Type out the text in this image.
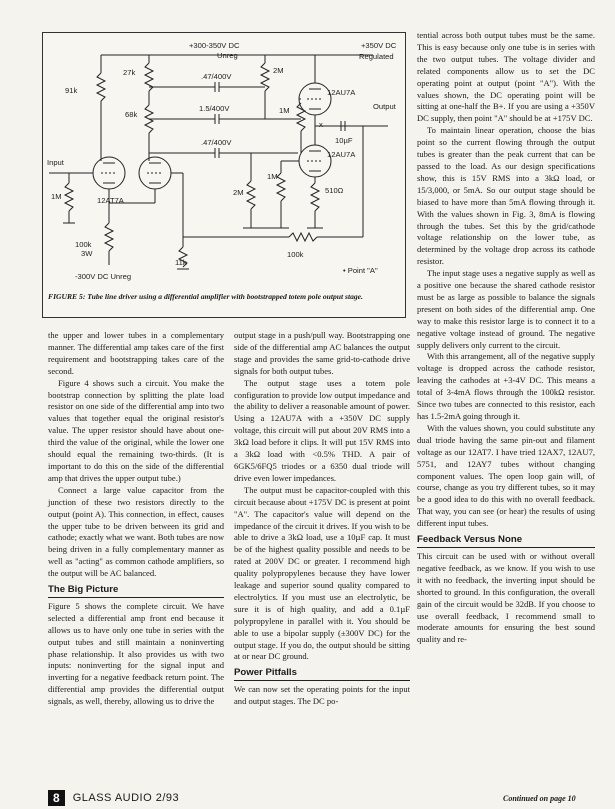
+300-350V DC
Unreg
+350V DC
Regulated
27k
91k
68k
.47/400V
1.5/400V
.47/400V
2M
1M
12AU7A
Output
10µF
x
12AU7A
1M
2M	510Ω
Input
1M	12AT7A
100k
3W
-300V DC Unreg
11k
100k
• Point "A"
FIGURE 5: Tube line driver using a differential amplifier with bootstrapped totem pole output stage.

the upper and lower tubes in a complementary manner. The differential amp takes care of the first requirement and bootstrapping takes care of the second.

Figure 4 shows such a circuit. You make the bootstrap connection by splitting the plate load resistor on one side of the differential amp into two values that together equal the original resistor's value. The upper resistor should have about one-third the value of the original, while the lower one should equal the remaining two-thirds. (It is important to do this on the side of the differential amp that drives the upper output tube.)

Connect a large value capacitor from the junction of these two resistors directly to the output (point A). This connection, in effect, causes the upper tube to be driven between its grid and cathode; exactly what we want. Both tubes are now being driven in a fully complementary manner as well as "acting" as common cathode amplifiers, so the output will be AC balanced.

The Big Picture

Figure 5 shows the complete circuit. We have selected a differential amp front end because it allows us to have only one tube in series with the output tubes and still maintain a noninverting phase relationship. It also provides us with two inputs: noninverting for the signal input and inverting for a negative feedback return point. The differential amp provides the differential output signals, as well, thereby, allowing us to drive the

output stage in a push/pull way. Bootstrapping one side of the differential amp AC balances the output stage and provides the same grid-to-cathode drive signals for both output tubes.

The output stage uses a totem pole configuration to provide low output impedance and the ability to deliver a reasonable amount of power. Using a 12AU7A with a +350V DC supply voltage, this circuit will put about 20V RMS into a 3kΩ load before it clips. It will put 15V RMS into a 3kΩ load with <0.5% THD. A pair of 6GK5/6FQ5 triodes or a 6350 dual triode will drive even lower impedances.

The output must be capacitor-coupled with this circuit because about +175V DC is present at point "A". The capacitor's value will depend on the impedance of the circuit it drives. If you wish to be able to drive a 3kΩ load, use a 10µF cap. It must be of the highest quality possible and needs to be rated at 200V DC or greater. I recommend high quality polypropylenes because they have lower leakage and superior sound quality compared to electrolytics. If you must use an electrolytic, be sure it is of high quality, and add a 0.1µF polypropylene in parallel with it. You should be able to use a bipolar supply (±300V DC) for the output stage. If you do, the output should be sitting at or near DC ground.

Power Pitfalls

We can now set the operating points for the input and output stages. The DC po-

tential across both output tubes must be the same. This is easy because only one tube is in series with the two output tubes. The voltage divider and related components allow us to set the DC operating point at output (point "A"). With the values shown, the DC operating point will be sitting at one-half the B+. If you are using a +350V DC supply, then point "A" should be at +175V DC.

To maintain linear operation, choose the bias point so the current flowing through the output tubes is greater than the peak current that can be passed to the load. As our design specifications show, this is 15V RMS into a 3kΩ load, or 15/3,000, or 5mA. So our output stage should be biased to have more than 5mA flowing through it. With the values shown in Fig. 3, 8mA is flowing through the tubes. Set this by the grid/cathode voltage relationship on the lower tube, as determined by the voltage drop across its cathode resistor.

The input stage uses a negative supply as well as a positive one because the shared cathode resistor must be as large as possible to balance the signals present on both sides of the differential amp. One way to make this resistor large is to connect it to a negative voltage instead of ground. The negative supply delivers only current to the circuit.

With this arrangement, all of the negative supply voltage is dropped across the cathode resistor, leaving the cathodes at +3-4V DC. This means a total of 3-4mA flows through the 100kΩ resistor. Since two tubes are connected to this resistor, each has 1.5-2mA going through it.

With the values shown, you could substitute any dual triode having the same pin-out and filament voltage as our 12AT7. I have tried 12AX7, 12AU7, 5751, and 12AY7 tubes without changing component values. The open loop gain will, of course, change as you try different tubes, so it may be a good idea to do this with no overall feedback. That way, you can see (or hear) the results of using different input tubes.

Feedback Versus None

This circuit can be used with or without overall negative feedback, as we know. If you wish to use it with no feedback, the inverting input should be shorted to ground. In this configuration, the overall gain of the circuit would be 32dB. If you choose to use overall feedback, I recommend small to moderate amounts for ensuring the best sound quality and re-

Continued on page 10
8	GLASS AUDIO 2/93
